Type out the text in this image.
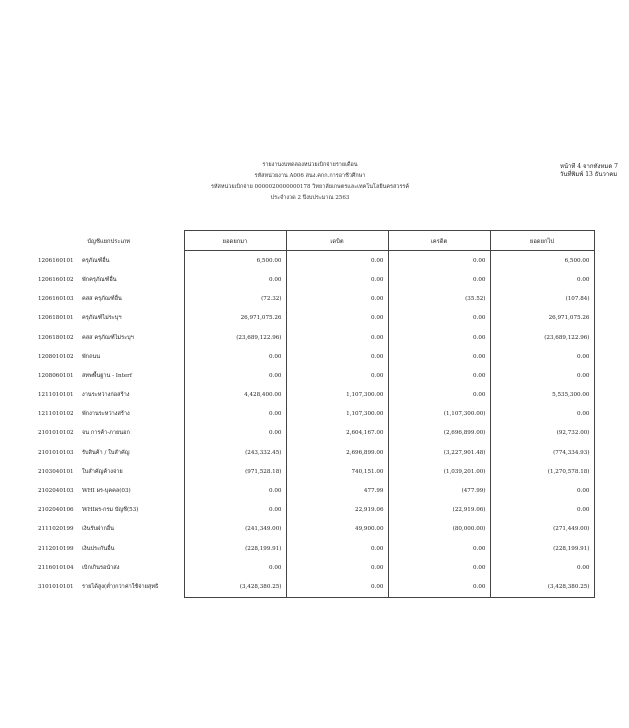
หน้าที่ 4 จากทั้งหมด 7
วันที่พิมพ์ 13 ธันวาคม
รายงานงบทดลองหน่วยเบิกจ่ายรายเดือน
รหัสหน่วยงาน A006 สนง.คกก.การอาชีวศึกษา
รหัสหน่วยเบิกจ่าย 0000020000000178 วิทยาลัยเกษตรและเทคโนโลยีนครสวรรค์
ประจำงวด 2 ปีงบประมาณ 2563
บัญชีแยกประเภท	ยอดยกมา	เดบิต	เครดิต	ยอดยกไป
1206160101 ครุภัณฑ์อื่น	6,500.00	0.00	0.00	6,500.00
1206160102 พักครุภัณฑ์อื่น	0.00	0.00	0.00	0.00
1206160103 คสส ครุภัณฑ์อื่น	(72.32)	0.00	(35.52)	(107.84)
1206180101 ครุภัณฑ์ไม่ระบุฯ	26,971,075.26	0.00	0.00	26,971,075.26
1206180102 คสส ครุภัณฑ์ไม่ระบุฯ	(23,689,122.96)	0.00	0.00	(23,689,122.96)
1208010102 พักถนน	0.00	0.00	0.00	0.00
1208060101 สทพพื้นฐาน - Interf	0.00	0.00	0.00	0.00
1211010101 งานระหว่างก่อสร้าง	4,428,400.00	1,107,300.00	0.00	5,535,300.00
1211010102 พักงานระหว่างสร้าง	0.00	1,107,300.00	(1,107,300.00)	0.00
2101010102 จน การค้า-ภายนอก	0.00	2,604,167.00	(2,696,899.00)	(92,732.00)
2101010103 รับสินค้า / ใบสำคัญ	(243,332.45)	2,696,899.00	(3,227,901.48)	(774,334.93)
2103040101 ใบสำคัญค้างจ่าย	(971,528.18)	740,151.00	(1,039,201.00)	(1,270,578.18)
2102040103 WHI ผร-บุคคล(03)	0.00	477.99	(477.99)	0.00
2102040106 WHIผร-กรม บัญชี(53)	0.00	22,919.06	(22,919.06)	0.00
2111020199 เงินรับฝากอื่น	(241,349.00)	49,900.00	(80,000.00)	(271,449.00)
2112010199 เงินประกันอื่น	(228,199.91)	0.00	0.00	(228,199.91)
2116010104 เบิกเกินรอนำส่ง	0.00	0.00	0.00	0.00
3101010101 รายได้สูง(ต่ำ)กว่าค่าใช้จ่ายสุทธิ	(3,428,380.25)	0.00	0.00	(3,428,380.25)
